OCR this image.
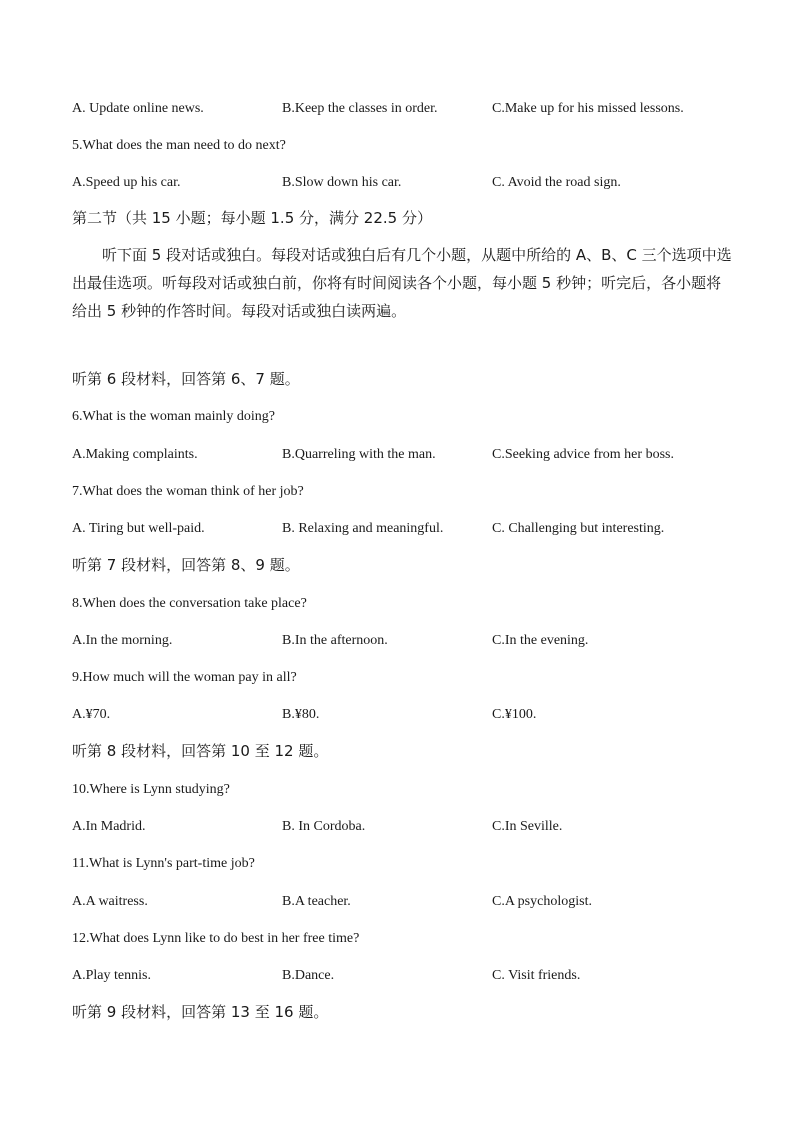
A. Update online news.	B.Keep the classes in order.	C.Make up for his missed lessons.
5.What does the man need to do next?
A.Speed up his car.	B.Slow down his car.	C. Avoid the road sign.
第二节（共 15 小题；每小题 1.5 分，满分 22.5 分）
听下面 5 段对话或独白。每段对话或独白后有几个小题，从题中所给的 A、B、C 三个选项中选出最佳选项。听每段对话或独白前，你将有时间阅读各个小题，每小题 5 秒钟；听完后，各小题将给出 5 秒钟的作答时间。每段对话或独白读两遍。
听第 6 段材料，回答第 6、7 题。
6.What is the woman mainly doing?
A.Making complaints.	B.Quarreling with the man.	C.Seeking advice from her boss.
7.What does the woman think of her job?
A. Tiring but well-paid.	B. Relaxing and meaningful.	C. Challenging but interesting.
听第 7 段材料，回答第 8、9 题。
8.When does the conversation take place?
A.In the morning.	B.In the afternoon.	C.In the evening.
9.How much will the woman pay in all?
A.¥70.	B.¥80.	C.¥100.
听第 8 段材料，回答第 10 至 12 题。
10.Where is Lynn studying?
A.In Madrid.	B. In Cordoba.	C.In Seville.
11.What is Lynn's part-time job?
A.A waitress.	B.A teacher.	C.A psychologist.
12.What does Lynn like to do best in her free time?
A.Play tennis.	B.Dance.	C. Visit friends.
听第 9 段材料，回答第 13 至 16 题。
